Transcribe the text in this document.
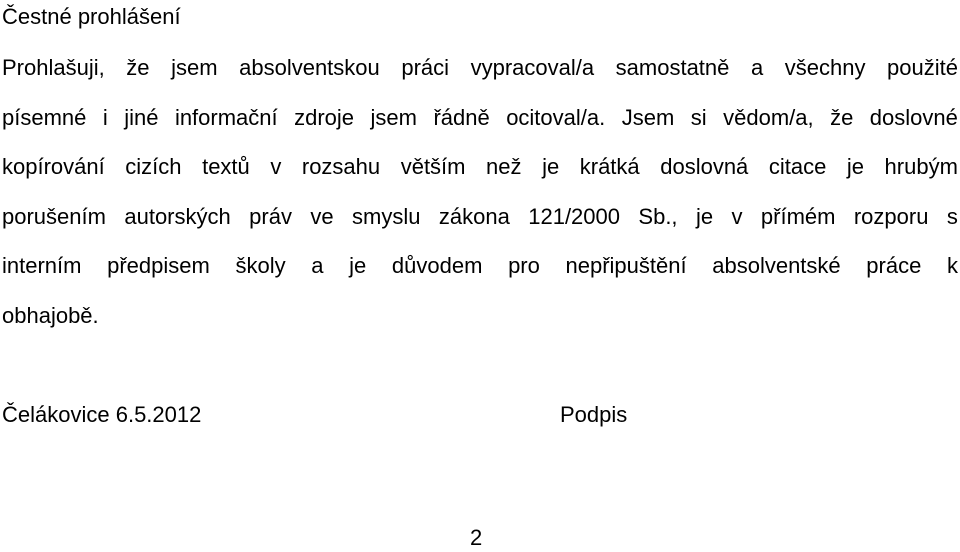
Čestné prohlášení
Prohlašuji, že jsem absolventskou práci vypracoval/a samostatně a všechny použité
písemné i jiné informační zdroje jsem řádně ocitoval/a. Jsem si vědom/a, že doslovné
kopírování cizích textů v rozsahu větším než je krátká doslovná citace je hrubým
porušením autorských práv ve smyslu zákona 121/2000 Sb., je v přímém rozporu s
interním předpisem školy a je důvodem pro nepřipuštění absolventské práce k
obhajobě.
Čelákovice 6.5.2012	Podpis
2
